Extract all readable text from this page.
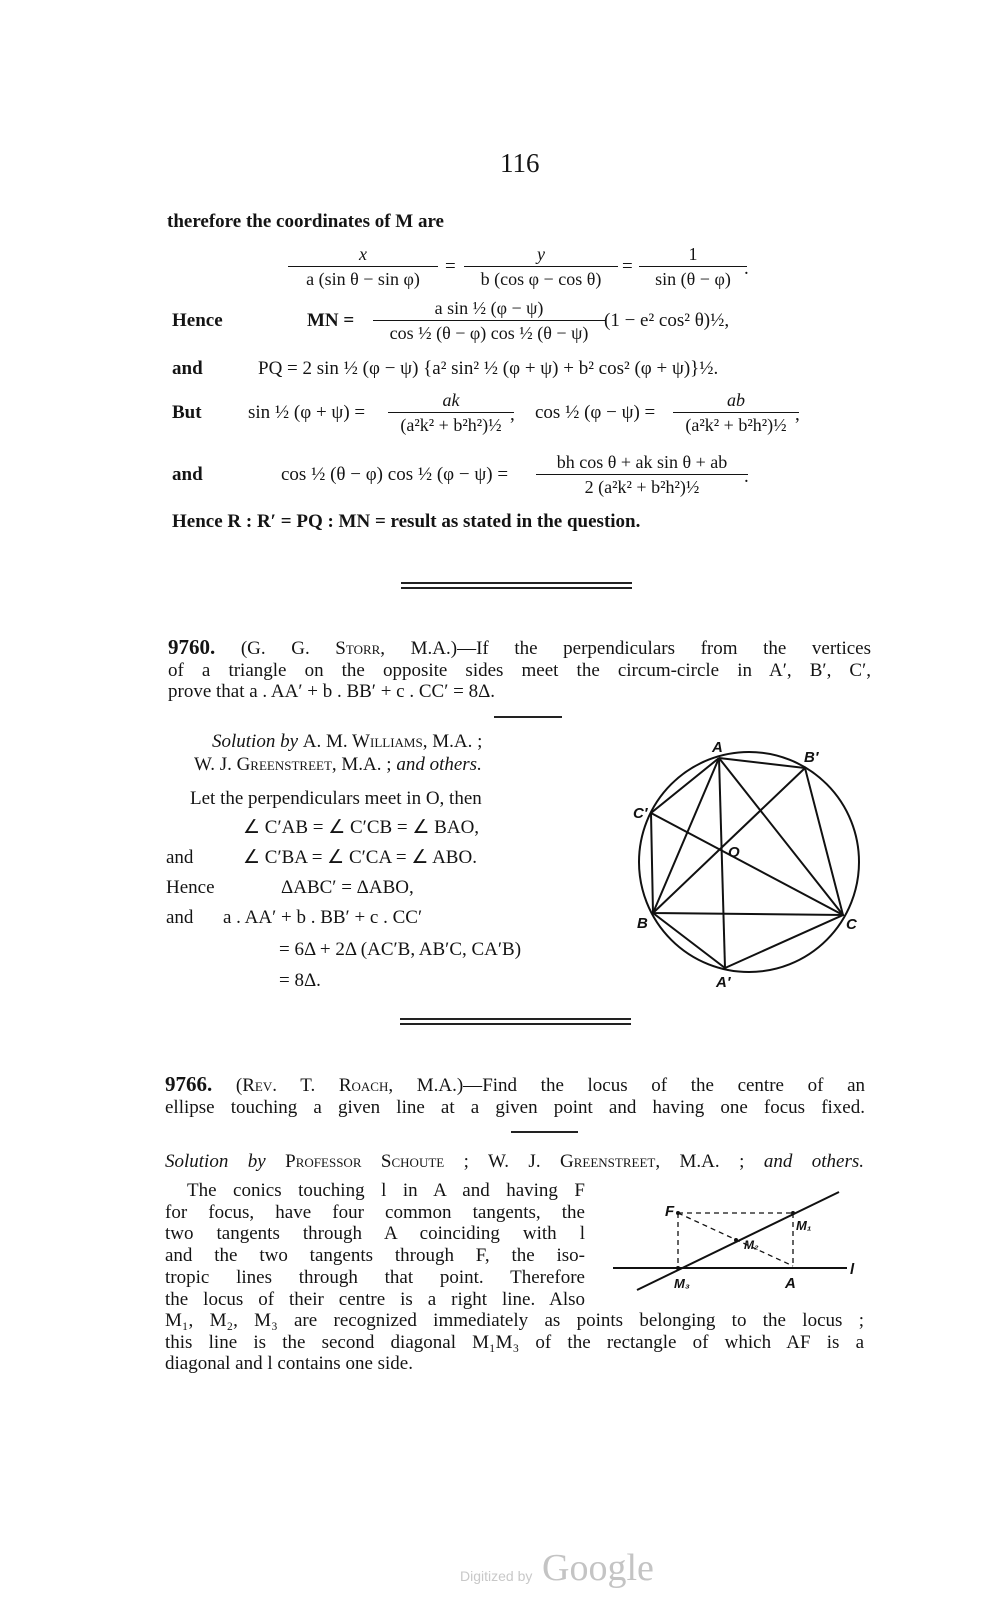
116
therefore the coordinates of M are
$\frac{x}{\text{a (sin θ − sin φ)}} = \frac{y}{\text{b (cos φ − cos θ)}} = \frac{1}{\sin (\theta - \varphi)}$ .
Hence	MN = $\frac{\text{a sin ½ (φ − ψ)}}{\text{cos ½ (θ − φ) cos ½ (θ − ψ)}} (1 - e^2$ cos² θ)½,
and	PQ = 2 sin ½ (φ − ψ) {a² sin² ½ (φ + ψ) + b² cos² (φ + ψ)}½.
But sin ½ $(\varphi + \psi) = \frac{ak}{\text{(a²k² + b²h²)½}}$ , cos ½ $(\varphi - \psi) = \frac{ab}{\text{(a²k² + b²h²)½}}$ ,
and	cos ½ (θ − φ) cos ½ $(\varphi - \psi) = \frac{\text{bh cos θ + ak sin θ + ab}}{\text{2 (a²k² + b²h²)½}}$ .
Hence R : R′ = PQ : MN = result as stated in the question.
9760. (G. G. Storr, M.A.)—If the perpendiculars from the vertices
of a triangle on the opposite sides meet the circum-circle in A′, B′, C′,
prove that a . AA′ + b . BB′ + c . CC′ = 8Δ.
Solution by A. M. Williams, M.A. ;
W. J. Greenstreet, M.A. ; and others.
Let the perpendiculars meet in O, then
∠ C′AB = ∠ C′CB = ∠ BAO,
and	∠ C′BA = ∠ C′CA = ∠ ABO.
Hence	ΔABC′ = ΔABO,
and a . AA′ + b . BB′ + c . CC′
= 6Δ + 2Δ (AC′B, AB′C, CA′B)
= 8Δ.
A
B′
C′
O
B	C
A′
9766. (Rev. T. Roach, M.A.)—Find the locus of the centre of an
ellipse touching a given line at a given point and having one focus fixed.
Solution by Professor Schoute ; W. J. Greenstreet, M.A. ; and others.
The conics touching l in A and having F
for focus, have four common tangents, the
two tangents through A coinciding with l
and the two tangents through F, the iso-
tropic lines through that point. Therefore
the locus of their centre is a right line. Also
M₁, M₂, M₃ are recognized immediately as points belonging to the locus ;
this line is the second diagonal M₁M₃ of the rectangle of which AF is a
diagonal and l contains one side.
F
M₁
M₂
M₃	A
l
Digitized by Google
